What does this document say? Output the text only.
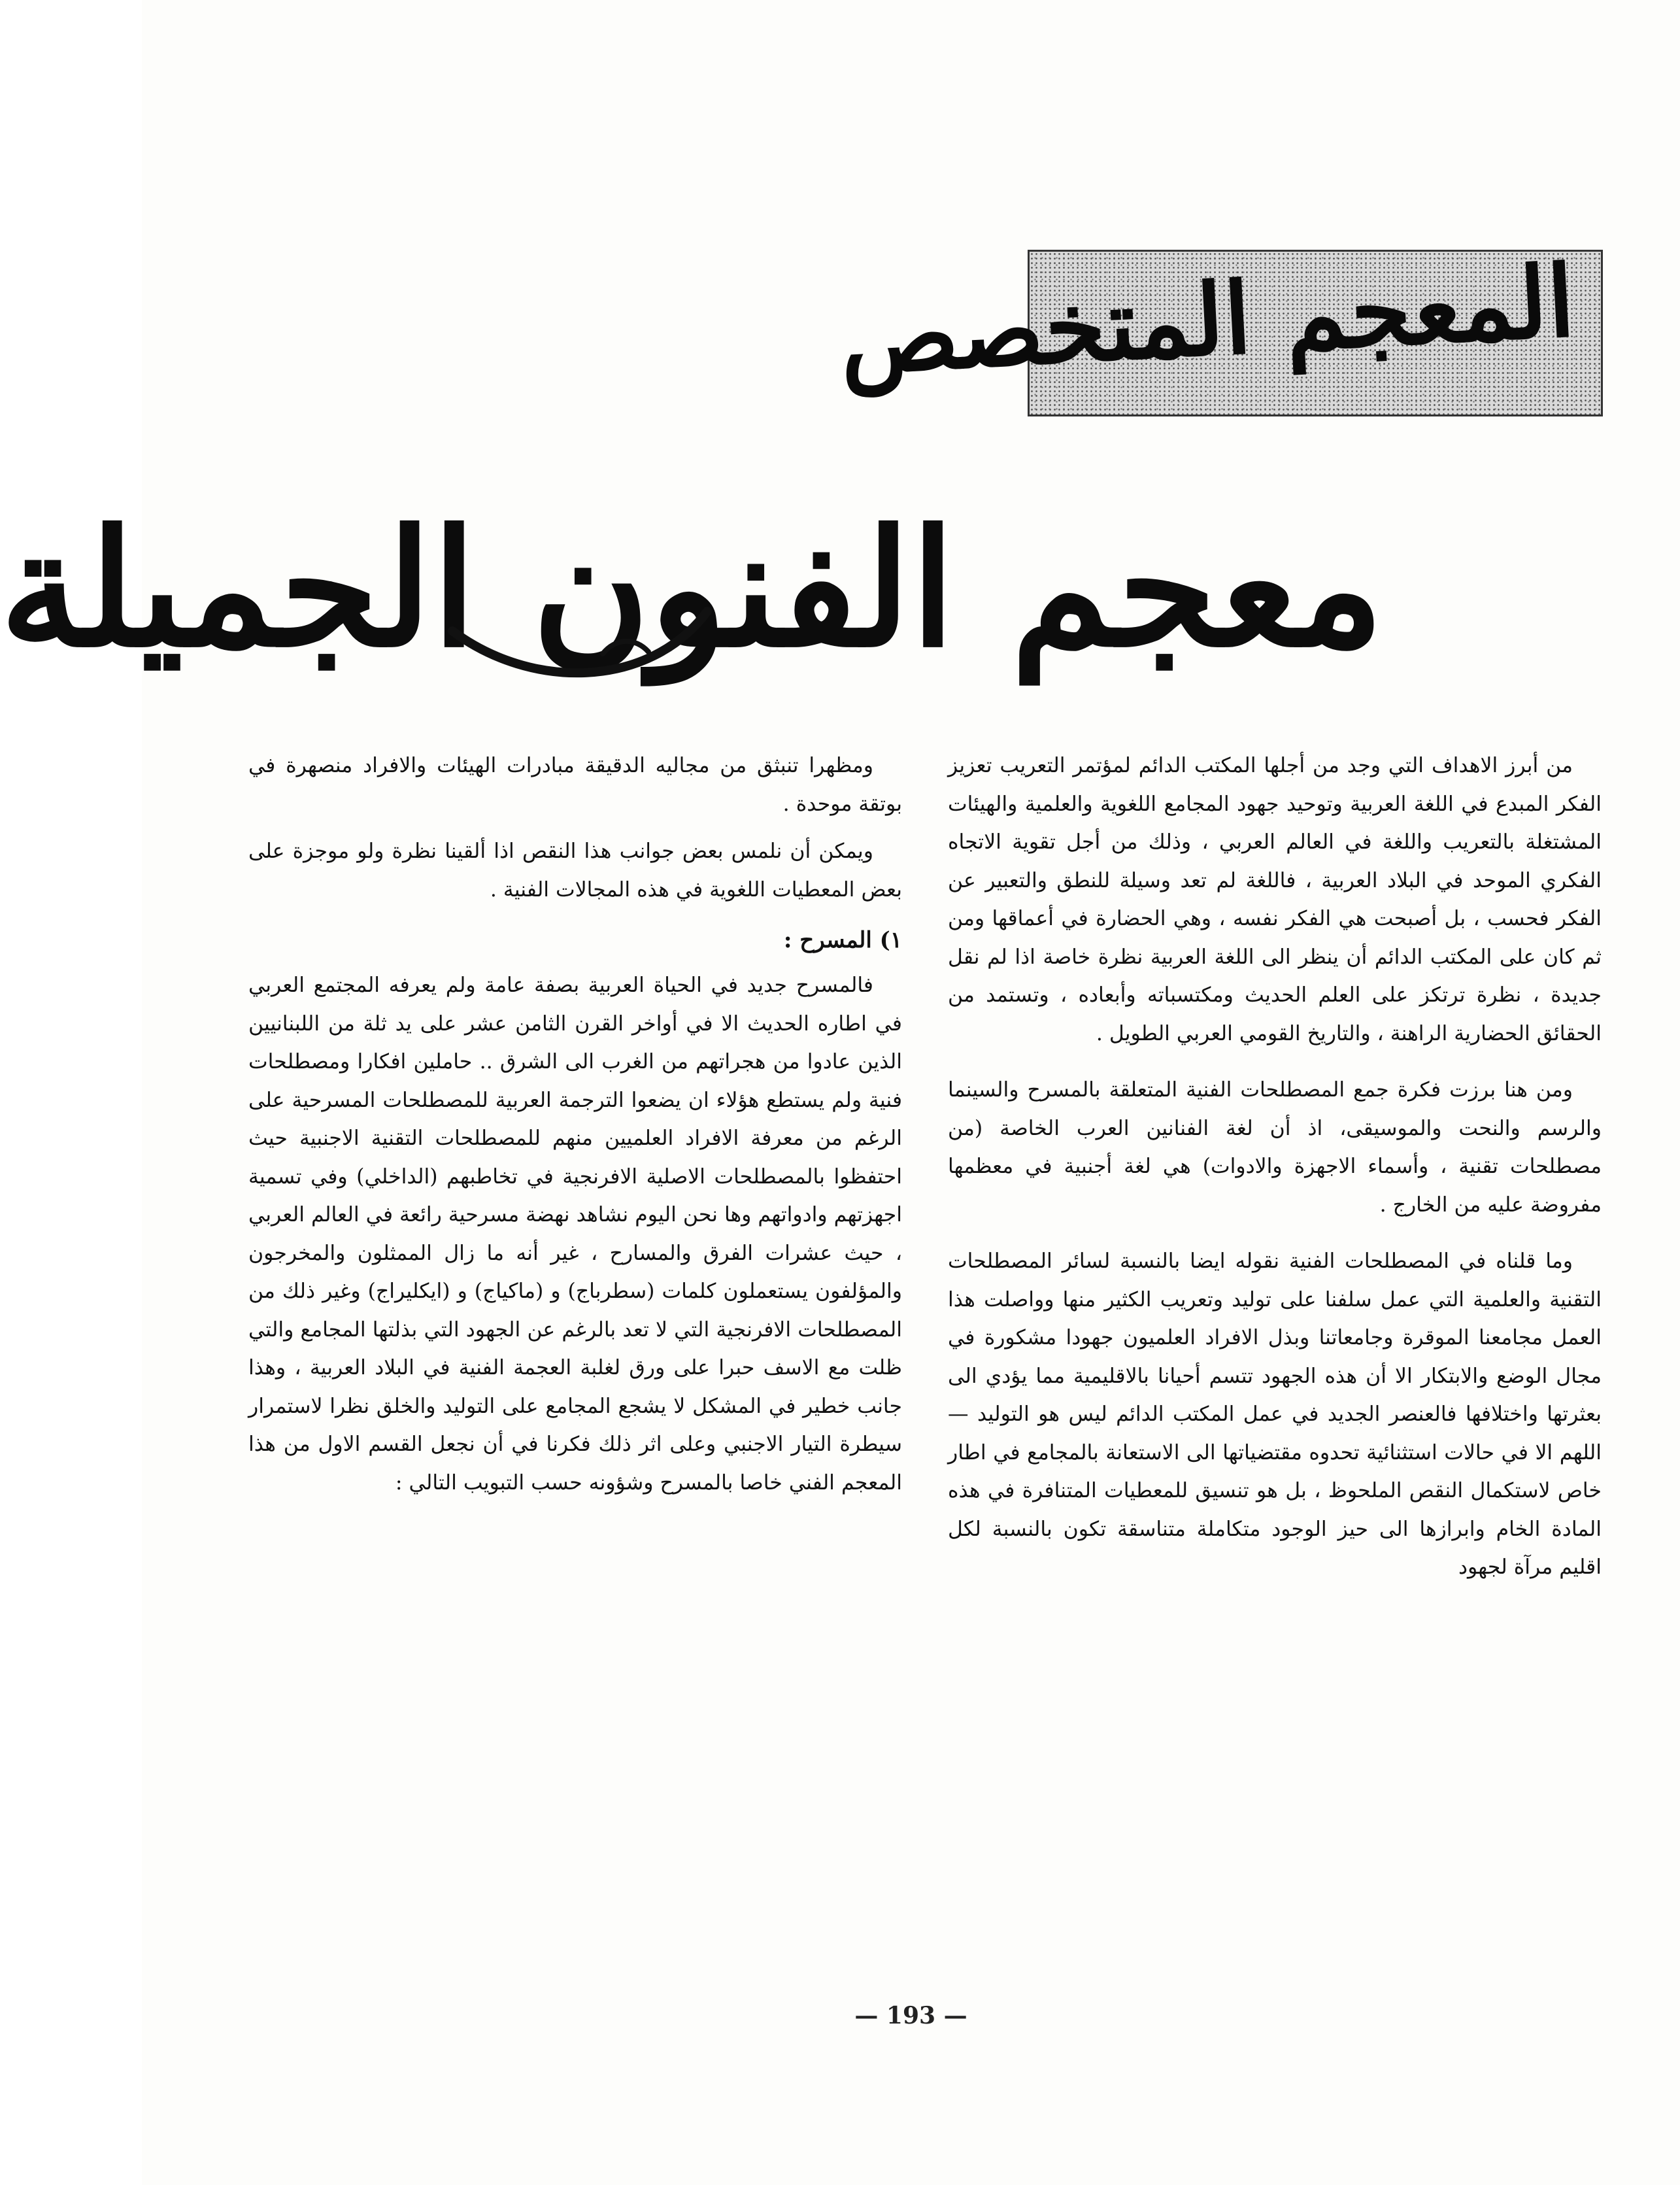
المعجم المتخصص
معجم الفنون الجميلة

من أبرز الاهداف التي وجد من أجلها المكتب الدائم لمؤتمر التعريب تعزيز الفكر المبدع في اللغة العربية وتوحيد جهود المجامع اللغوية والعلمية والهيئات المشتغلة بالتعريب واللغة في العالم العربي ، وذلك من أجل تقوية الاتجاه الفكري الموحد في البلاد العربية ، فاللغة لم تعد وسيلة للنطق والتعبير عن الفكر فحسب ، بل أصبحت هي الفكر نفسه ، وهي الحضارة في أعماقها ومن ثم كان على المكتب الدائم أن ينظر الى اللغة العربية نظرة خاصة اذا لم نقل جديدة ، نظرة ترتكز على العلم الحديث ومكتسباته وأبعاده ، وتستمد من الحقائق الحضارية الراهنة ، والتاريخ القومي العربي الطويل .

ومن هنا برزت فكرة جمع المصطلحات الفنية المتعلقة بالمسرح والسينما والرسم والنحت والموسيقى، اذ أن لغة الفنانين العرب الخاصة (من مصطلحات تقنية ، وأسماء الاجهزة والادوات) هي لغة أجنبية في معظمها مفروضة عليه من الخارج .

وما قلناه في المصطلحات الفنية نقوله ايضا بالنسبة لسائر المصطلحات التقنية والعلمية التي عمل سلفنا على توليد وتعريب الكثير منها وواصلت هذا العمل مجامعنا الموقرة وجامعاتنا وبذل الافراد العلميون جهودا مشكورة في مجال الوضع والابتكار الا أن هذه الجهود تتسم أحيانا بالاقليمية مما يؤدي الى بعثرتها واختلافها فالعنصر الجديد في عمل المكتب الدائم ليس هو التوليد — اللهم الا في حالات استثنائية تحدوه مقتضياتها الى الاستعانة بالمجامع في اطار خاص لاستكمال النقص الملحوظ ، بل هو تنسيق للمعطيات المتنافرة في هذه المادة الخام وابرازها الى حيز الوجود متكاملة متناسقة تكون بالنسبة لكل اقليم مرآة لجهود

ومظهرا تنبثق من مجاليه الدقيقة مبادرات الهيئات والافراد منصهرة في بوتقة موحدة .

ويمكن أن نلمس بعض جوانب هذا النقص اذا ألقينا نظرة ولو موجزة على بعض المعطيات اللغوية في هذه المجالات الفنية .

١) المسرح :

فالمسرح جديد في الحياة العربية بصفة عامة ولم يعرفه المجتمع العربي في اطاره الحديث الا في أواخر القرن الثامن عشر على يد ثلة من اللبنانيين الذين عادوا من هجراتهم من الغرب الى الشرق .. حاملين افكارا ومصطلحات فنية ولم يستطع هؤلاء ان يضعوا الترجمة العربية للمصطلحات المسرحية على الرغم من معرفة الافراد العلميين منهم للمصطلحات التقنية الاجنبية حيث احتفظوا بالمصطلحات الاصلية الافرنجية في تخاطبهم (الداخلي) وفي تسمية اجهزتهم وادواتهم وها نحن اليوم نشاهد نهضة مسرحية رائعة في العالم العربي ، حيث عشرات الفرق والمسارح ، غير أنه ما زال الممثلون والمخرجون والمؤلفون يستعملون كلمات (سطرباج) و (ماكياج) و (ايكليراج) وغير ذلك من المصطلحات الافرنجية التي لا تعد بالرغم عن الجهود التي بذلتها المجامع والتي ظلت مع الاسف حبرا على ورق لغلبة العجمة الفنية في البلاد العربية ، وهذا جانب خطير في المشكل لا يشجع المجامع على التوليد والخلق نظرا لاستمرار سيطرة التيار الاجنبي وعلى اثر ذلك فكرنا في أن نجعل القسم الاول من هذا المعجم الفني خاصا بالمسرح وشؤونه حسب التبويب التالي :

— 193 —
